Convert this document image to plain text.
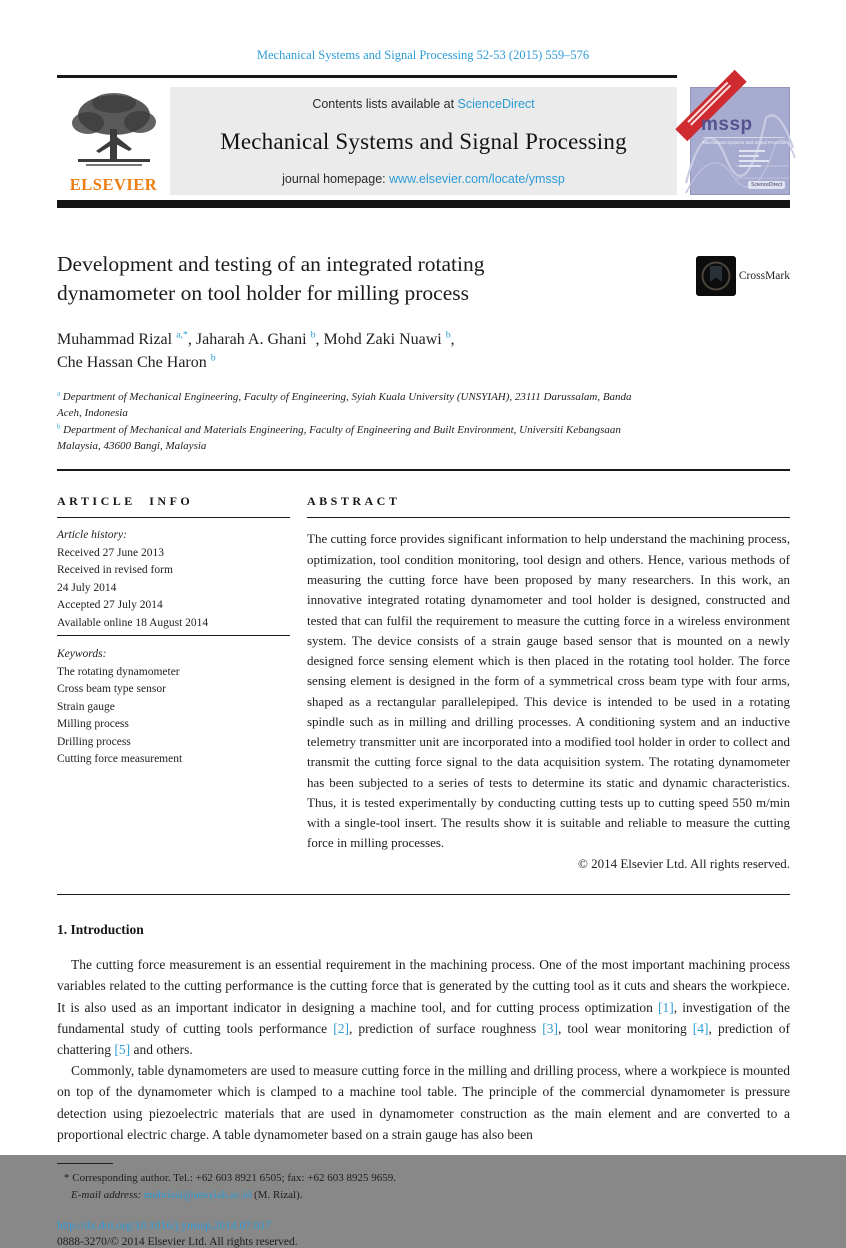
Mechanical Systems and Signal Processing 52-53 (2015) 559–576
ELSEVIER
Contents lists available at ScienceDirect
Mechanical Systems and Signal Processing
journal homepage: www.elsevier.com/locate/ymssp
mssp
Mechanical Systems and Signal Processing
ScienceDirect
Development and testing of an integrated rotating
dynamometer on tool holder for milling process
CrossMark
Muhammad Rizal $^{a,*}$, Jaharah A. Ghani $^b$, Mohd Zaki Nuawi $^b$,
Che Hassan Che Haron $^b$
$^a$ Department of Mechanical Engineering, Faculty of Engineering, Syiah Kuala University (UNSYIAH), 23111 Darussalam, Banda Aceh, Indonesia
$^b$ Department of Mechanical and Materials Engineering, Faculty of Engineering and Built Environment, Universiti Kebangsaan Malaysia, 43600 Bangi, Malaysia
ARTICLE INFO
Article history:
Received 27 June 2013
Received in revised form
24 July 2014
Accepted 27 July 2014
Available online 18 August 2014
Keywords:
The rotating dynamometer
Cross beam type sensor
Strain gauge
Milling process
Drilling process
Cutting force measurement
ABSTRACT
The cutting force provides significant information to help understand the machining process, optimization, tool condition monitoring, tool design and others. Hence, various methods of measuring the cutting force have been proposed by many researchers. In this work, an innovative integrated rotating dynamometer and tool holder is designed, constructed and tested that can fulfil the requirement to measure the cutting force in a wireless environment system. The device consists of a strain gauge based sensor that is mounted on a newly designed force sensing element which is then placed in the rotating tool holder. The force sensing element is designed in the form of a symmetrical cross beam type with four arms, shaped as a rectangular parallelepiped. This device is intended to be used in a rotating spindle such as in milling and drilling processes. A conditioning system and an inductive telemetry transmitter unit are incorporated into a modified tool holder in order to collect and transmit the cutting force signal to the data acquisition system. The rotating dynamometer has been subjected to a series of tests to determine its static and dynamic characteristics. Thus, it is tested experimentally by conducting cutting tests up to cutting speed 550 m/min with a single-tool insert. The results show it is suitable and reliable to measure the cutting force in milling processes.
© 2014 Elsevier Ltd. All rights reserved.
1. Introduction

The cutting force measurement is an essential requirement in the machining process. One of the most important machining process variables related to the cutting performance is the cutting force that is generated by the cutting tool as it cuts and shears the workpiece. It is also used as an important indicator in designing a machine tool, and for cutting process optimization [1], investigation of the fundamental study of cutting tools performance [2], prediction of surface roughness [3], tool wear monitoring [4], prediction of chattering [5] and others.

Commonly, table dynamometers are used to measure cutting force in the milling and drilling process, where a workpiece is mounted on top of the dynamometer which is clamped to a machine tool table. The principle of the commercial dynamometer is pressure detection using piezoelectric materials that are used in dynamometer construction as the main element and are converted to a proportional electric charge. A table dynamometer based on a strain gauge has also been

* Corresponding author. Tel.: +62 603 8921 6505; fax: +62 603 8925 9659.
E-mail address: muhrizal@unsyiah.ac.id (M. Rizal).
http://dx.doi.org/10.1016/j.ymssp.2014.07.017
0888-3270/© 2014 Elsevier Ltd. All rights reserved.
